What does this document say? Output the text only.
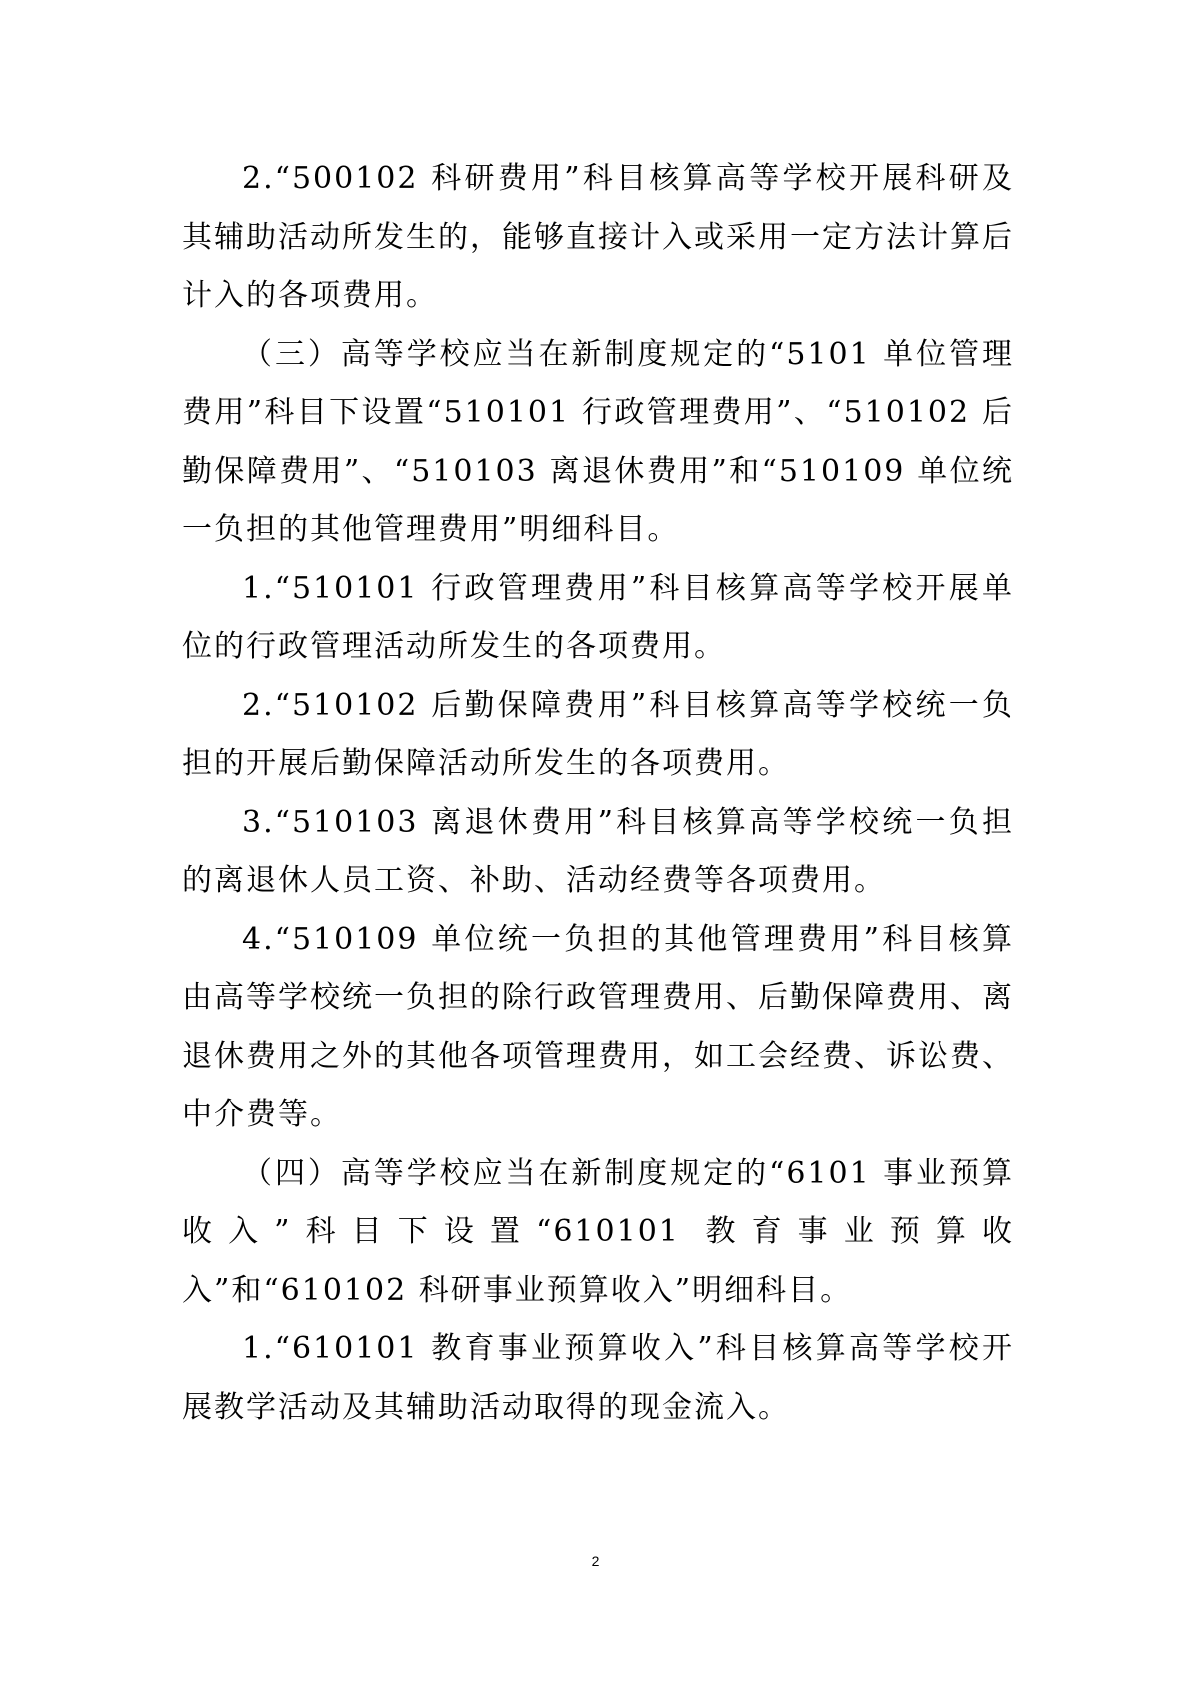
2.“500102 科研费用”科目核算高等学校开展科研及其辅助活动所发生的，能够直接计入或采用一定方法计算后计入的各项费用。

（三）高等学校应当在新制度规定的“5101 单位管理费用”科目下设置“510101 行政管理费用”、“510102 后勤保障费用”、“510103 离退休费用”和“510109 单位统一负担的其他管理费用”明细科目。

1.“510101 行政管理费用”科目核算高等学校开展单位的行政管理活动所发生的各项费用。

2.“510102 后勤保障费用”科目核算高等学校统一负担的开展后勤保障活动所发生的各项费用。

3.“510103 离退休费用”科目核算高等学校统一负担的离退休人员工资、补助、活动经费等各项费用。

4.“510109 单位统一负担的其他管理费用”科目核算由高等学校统一负担的除行政管理费用、后勤保障费用、离退休费用之外的其他各项管理费用，如工会经费、诉讼费、中介费等。

（四）高等学校应当在新制度规定的“6101 事业预算收入”科目下设置“610101 教育事业预算收入”和“610102 科研事业预算收入”明细科目。

1.“610101 教育事业预算收入”科目核算高等学校开展教学活动及其辅助活动取得的现金流入。

2
